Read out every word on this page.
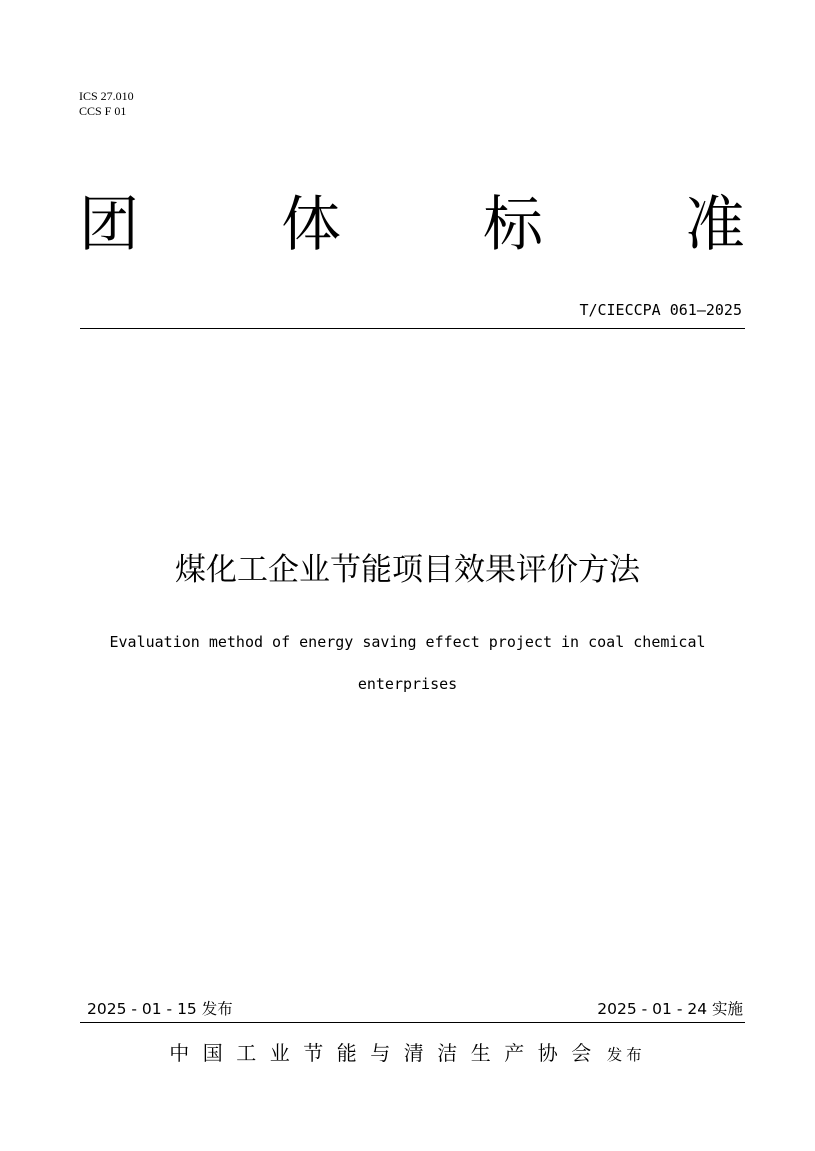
ICS 27.010
CCS F 01
团 体 标 准
T/CIECCPA 061—2025
煤化工企业节能项目效果评价方法
Evaluation method of energy saving effect project in coal chemical
enterprises
2025 - 01 - 15 发布	2025 - 01 - 24 实施
中国工业节能与清洁生产协会 发布
